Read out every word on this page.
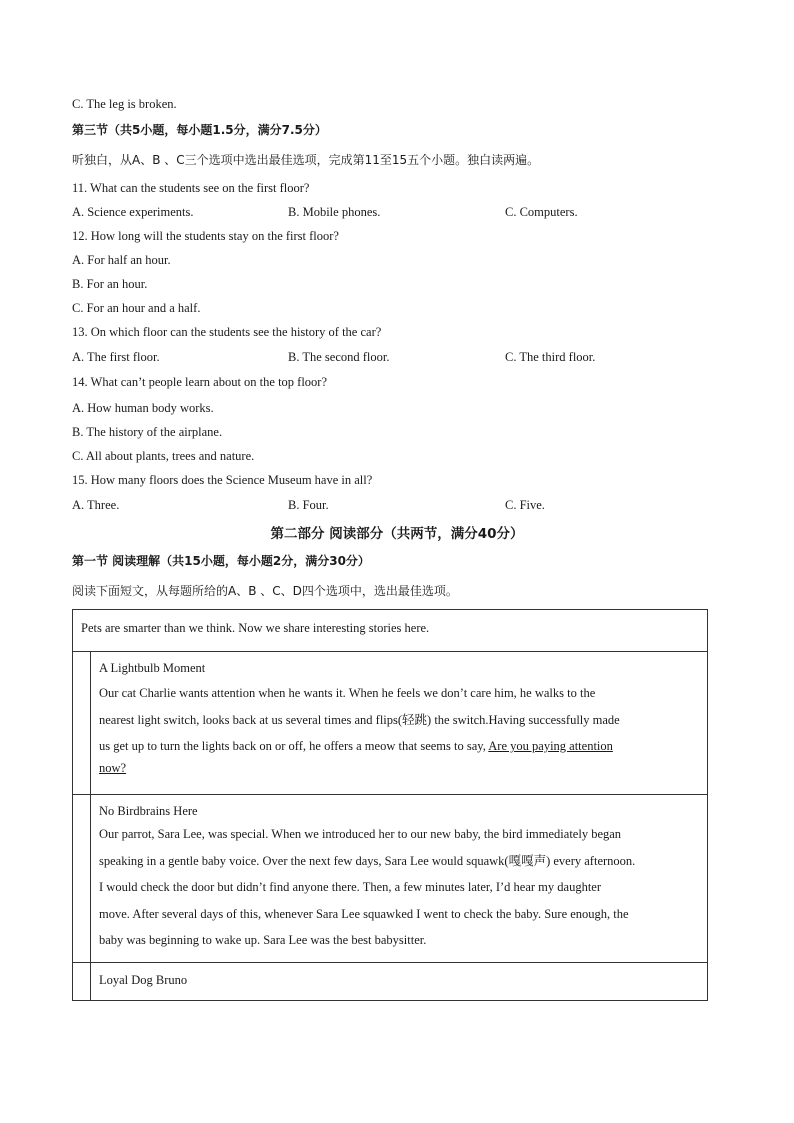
C. The leg is broken.
第三节（共5小题，每小题1.5分，满分7.5分）
听独白，从A、B 、C三个选项中选出最佳选项，完成第11至15五个小题。独白读两遍。
11. What can the students see on the first floor?
A. Science experiments.	B. Mobile phones.	C. Computers.
12. How long will the students stay on the first floor?
A. For half an hour.
B. For an hour.
C. For an hour and a half.
13. On which floor can the students see the history of the car?
A. The first floor.	B. The second floor.	C. The third floor.
14. What can’t people learn about on the top floor?
A. How human body works.
B. The history of the airplane.
C. All about plants, trees and nature.
15. How many floors does the Science Museum have in all?
A. Three.	B. Four.	C. Five.
第二部分 阅读部分（共两节，满分40分）
第一节 阅读理解（共15小题，每小题2分，满分30分）
阅读下面短文，从每题所给的A、B 、C、D四个选项中，选出最佳选项。
Pets are smarter than we think. Now we share interesting stories here.
A Lightbulb Moment
Our cat Charlie wants attention when he wants it. When he feels we don’t care him, he walks to the
nearest light switch, looks back at us several times and flips(轻跳) the switch.Having successfully made
us get up to turn the lights back on or off, he offers a meow that seems to say, Are you paying attention
now?
No Birdbrains Here
Our parrot, Sara Lee, was special. When we introduced her to our new baby, the bird immediately began
speaking in a gentle baby voice. Over the next few days, Sara Lee would squawk(嘎嘎声) every afternoon.
I would check the door but didn’t find anyone there. Then, a few minutes later, I’d hear my daughter
move. After several days of this, whenever Sara Lee squawked I went to check the baby. Sure enough, the
baby was beginning to wake up. Sara Lee was the best babysitter.
Loyal Dog Bruno
